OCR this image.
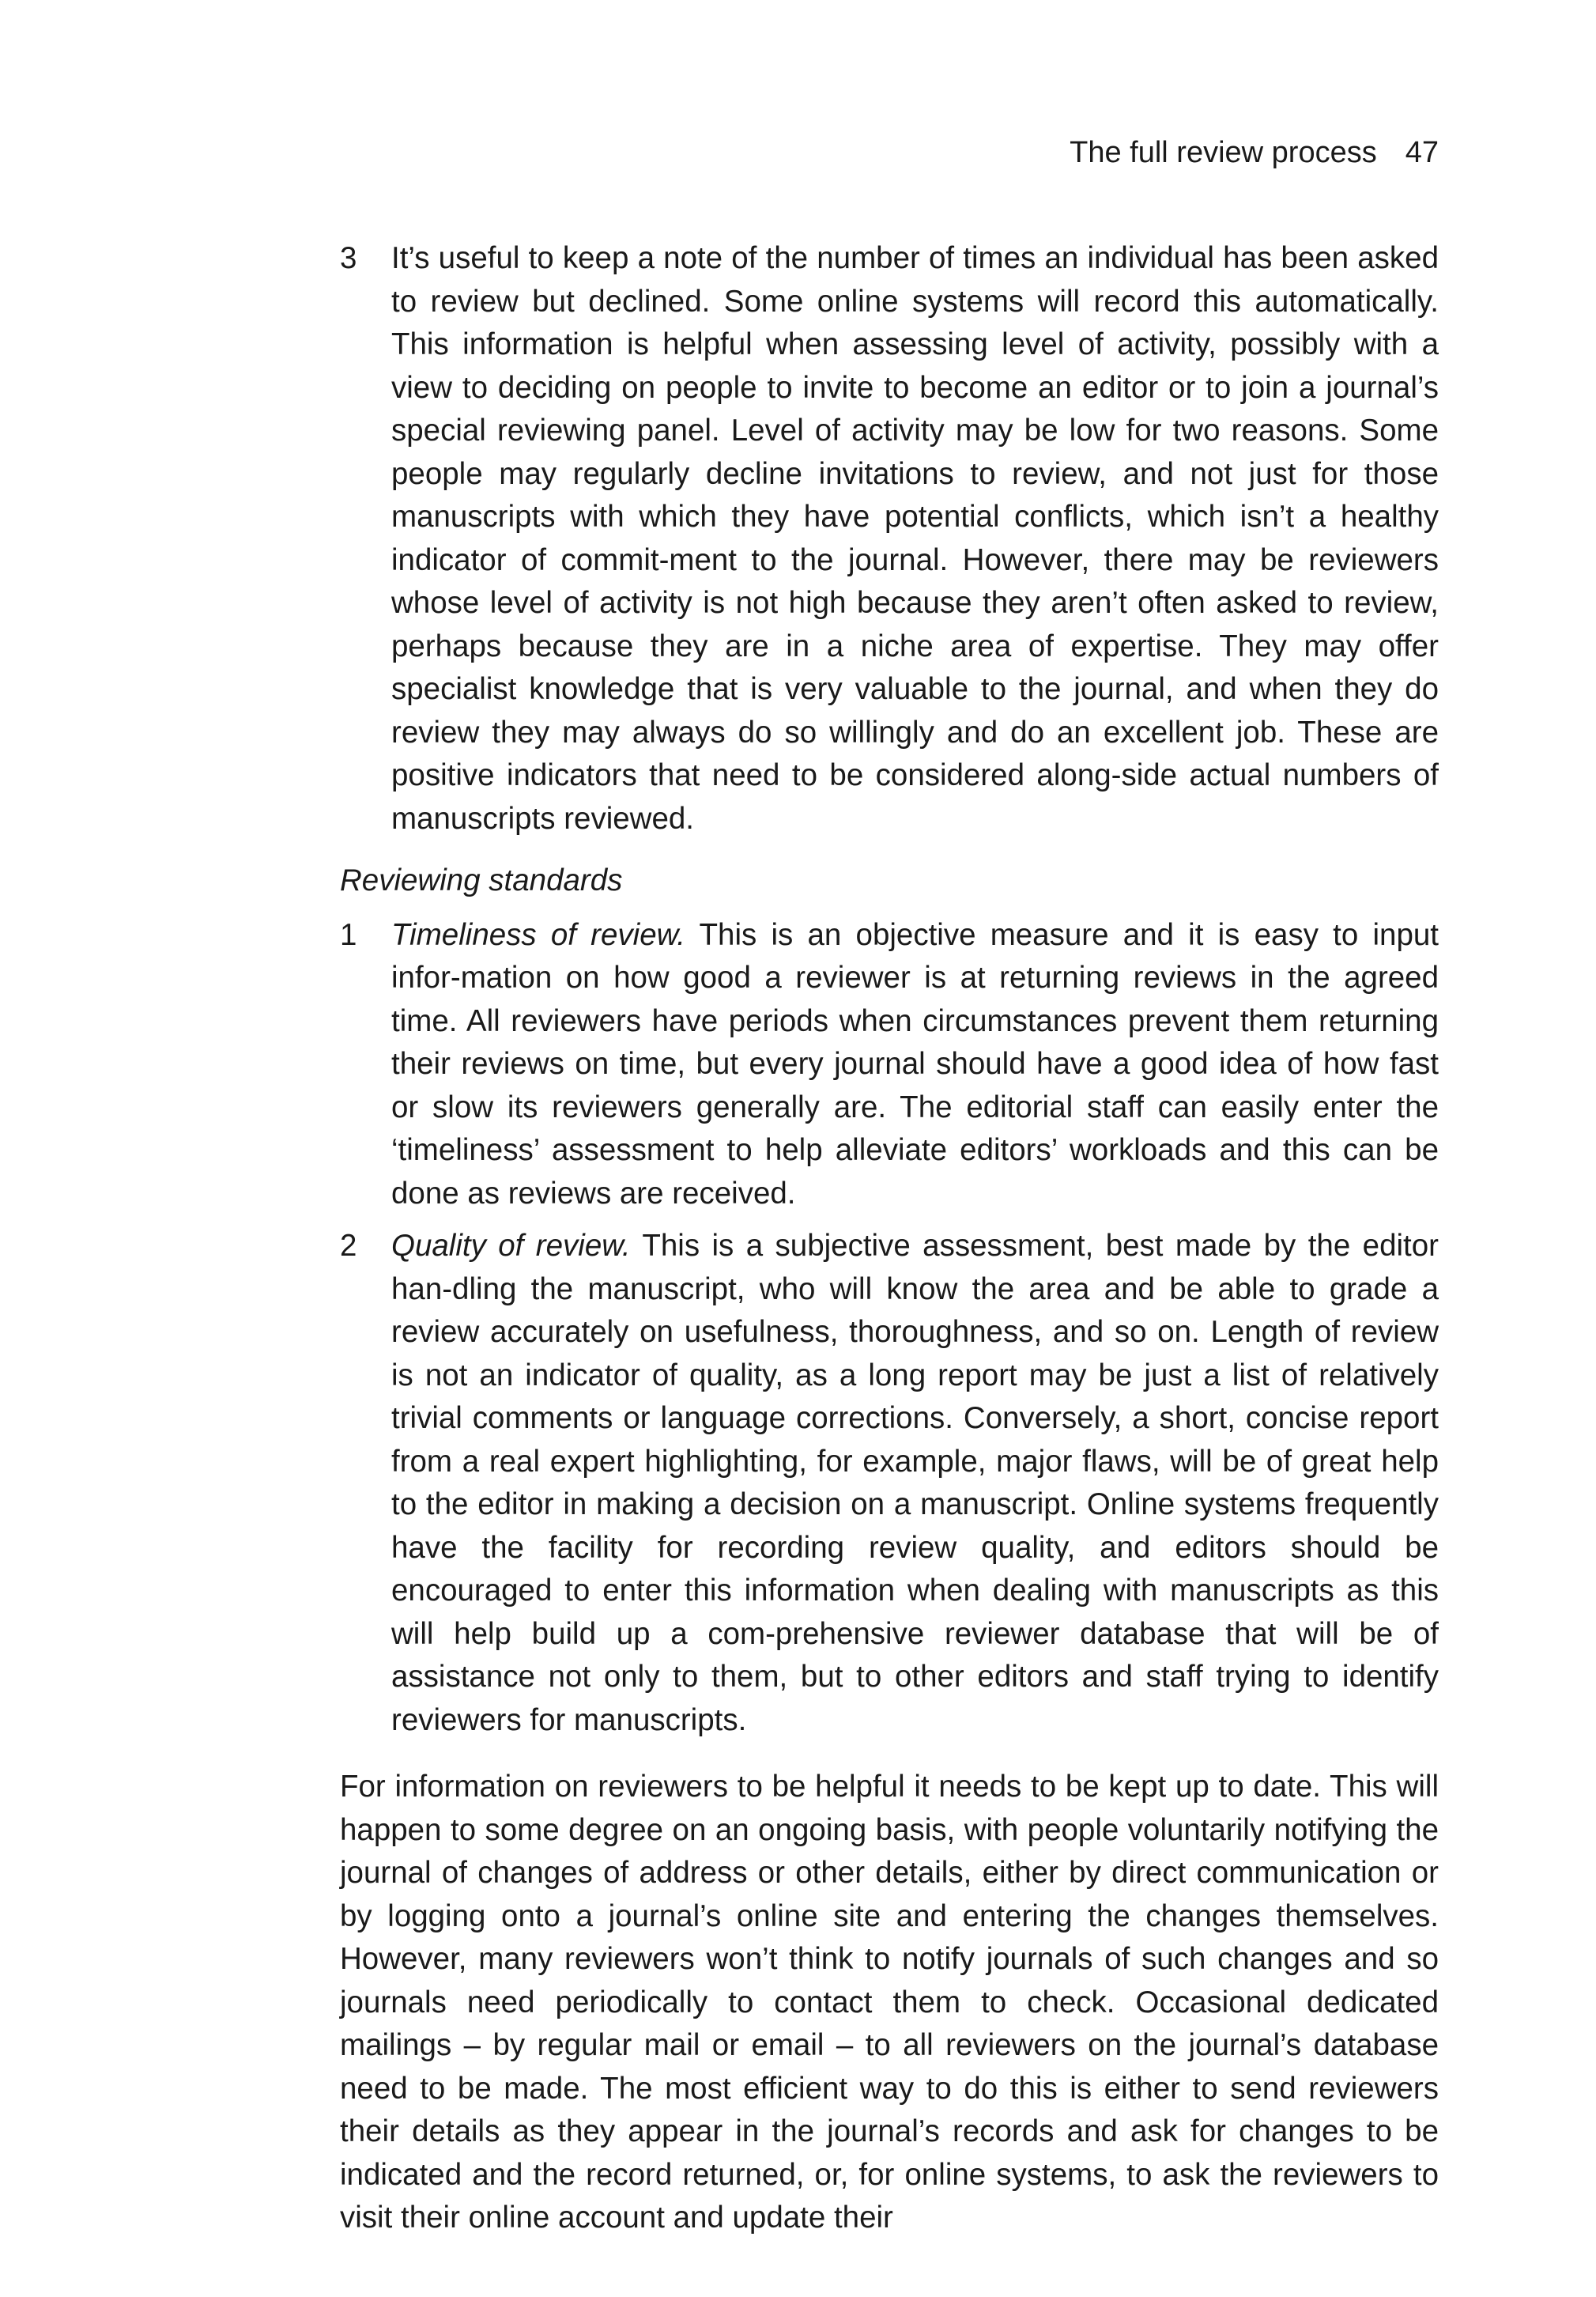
The full review process 47
3	It’s useful to keep a note of the number of times an individual has been asked to review but declined. Some online systems will record this automatically. This information is helpful when assessing level of activity, possibly with a view to deciding on people to invite to become an editor or to join a journal’s special reviewing panel. Level of activity may be low for two reasons. Some people may regularly decline invitations to review, and not just for those manuscripts with which they have potential conflicts, which isn’t a healthy indicator of commit-ment to the journal. However, there may be reviewers whose level of activity is not high because they aren’t often asked to review, perhaps because they are in a niche area of expertise. They may offer specialist knowledge that is very valuable to the journal, and when they do review they may always do so willingly and do an excellent job. These are positive indicators that need to be considered along-side actual numbers of manuscripts reviewed.
Reviewing standards
1	Timeliness of review. This is an objective measure and it is easy to input infor-mation on how good a reviewer is at returning reviews in the agreed time. All reviewers have periods when circumstances prevent them returning their reviews on time, but every journal should have a good idea of how fast or slow its reviewers generally are. The editorial staff can easily enter the ‘timeliness’ assessment to help alleviate editors’ workloads and this can be done as reviews are received.
2	Quality of review. This is a subjective assessment, best made by the editor han-dling the manuscript, who will know the area and be able to grade a review accurately on usefulness, thoroughness, and so on. Length of review is not an indicator of quality, as a long report may be just a list of relatively trivial comments or language corrections. Conversely, a short, concise report from a real expert highlighting, for example, major flaws, will be of great help to the editor in making a decision on a manuscript. Online systems frequently have the facility for recording review quality, and editors should be encouraged to enter this information when dealing with manuscripts as this will help build up a com-prehensive reviewer database that will be of assistance not only to them, but to other editors and staff trying to identify reviewers for manuscripts.

For information on reviewers to be helpful it needs to be kept up to date. This will happen to some degree on an ongoing basis, with people voluntarily notifying the journal of changes of address or other details, either by direct communication or by logging onto a journal’s online site and entering the changes themselves. However, many reviewers won’t think to notify journals of such changes and so journals need periodically to contact them to check. Occasional dedicated mailings – by regular mail or email – to all reviewers on the journal’s database need to be made. The most efficient way to do this is either to send reviewers their details as they appear in the journal’s records and ask for changes to be indicated and the record returned, or, for online systems, to ask the reviewers to visit their online account and update their
